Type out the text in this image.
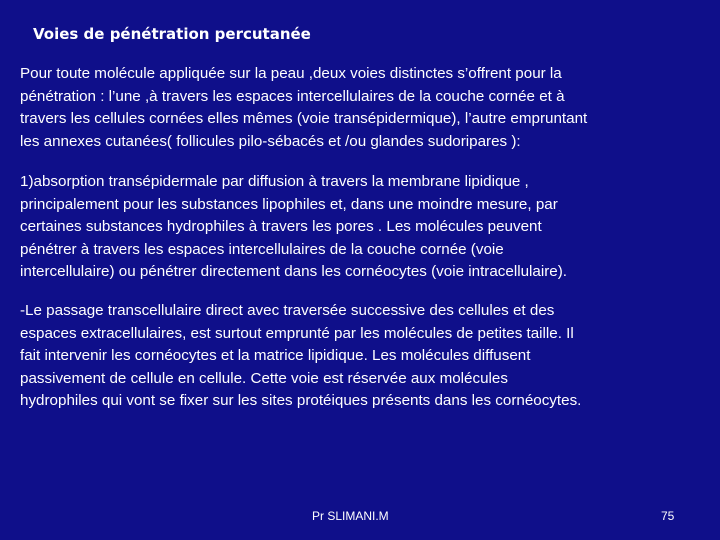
Voies de pénétration percutanée
Pour toute molécule appliquée sur la peau ,deux voies distinctes s’offrent pour la
pénétration : l’une ,à travers les espaces intercellulaires de la couche cornée et à
travers les cellules cornées elles mêmes (voie transépidermique), l’autre empruntant
les annexes cutanées( follicules pilo-sébacés et /ou glandes sudoripares ):
1)absorption transépidermale par diffusion à travers la membrane lipidique ,
principalement pour les substances lipophiles et, dans une moindre mesure, par
certaines substances hydrophiles à travers les pores . Les molécules peuvent
pénétrer à travers les espaces intercellulaires de la couche cornée (voie
intercellulaire) ou pénétrer directement dans les cornéocytes (voie intracellulaire).
-Le passage transcellulaire direct avec traversée successive des cellules et des
espaces extracellulaires, est surtout emprunté par les molécules de petites taille. Il
fait intervenir les cornéocytes et la matrice lipidique. Les molécules diffusent
passivement de cellule en cellule. Cette voie est réservée aux molécules
hydrophiles qui vont se fixer sur les sites protéiques présents dans les cornéocytes.
Pr SLIMANI.M	75
